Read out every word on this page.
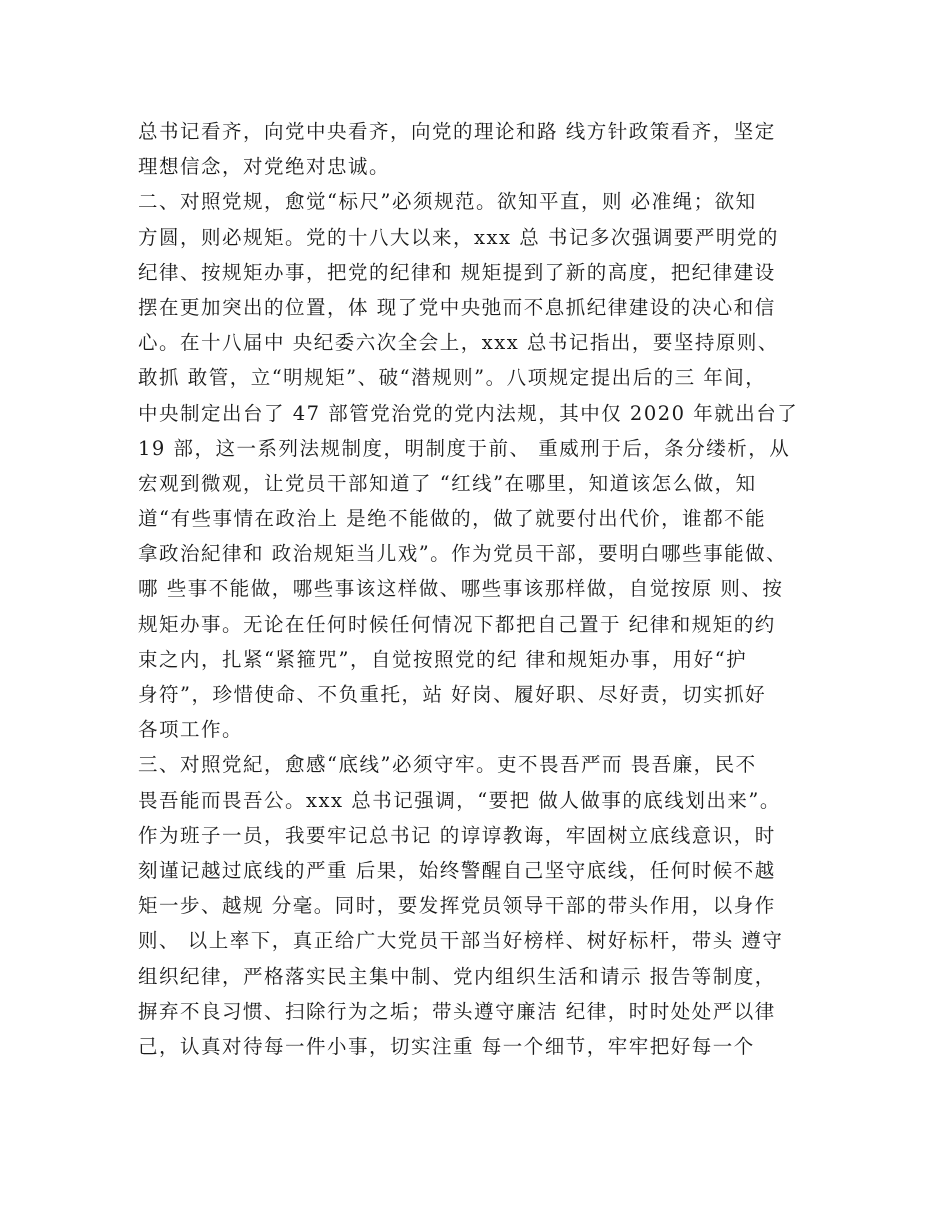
总书记看齐，向党中央看齐，向党的理论和路 线方针政策看齐，坚定
理想信念，对党绝对忠诚。
二、对照党规，愈觉“标尺”必须规范。欲知平直，则 必准绳；欲知
方圆，则必规矩。党的十八大以来，xxx 总 书记多次强调要严明党的
纪律、按规矩办事，把党的纪律和 规矩提到了新的高度，把纪律建设
摆在更加突出的位置，体 现了党中央弛而不息抓纪律建设的决心和信
心。在十八届中 央纪委六次全会上，xxx 总书记指出，要坚持原则、
敢抓 敢管，立“明规矩”、破“潜规则”。八项规定提出后的三 年间，
中央制定出台了 47 部管党治党的党内法规，其中仅 2020 年就出台了
19 部，这一系列法规制度，明制度于前、 重威刑于后，条分缕析，从
宏观到微观，让党员干部知道了 “红线”在哪里，知道该怎么做，知
道“有些事情在政治上 是绝不能做的，做了就要付出代价，谁都不能
拿政治紀律和 政治规矩当儿戏”。作为党员干部，要明白哪些事能做、
哪 些事不能做，哪些事该这样做、哪些事该那样做，自觉按原 则、按
规矩办事。无论在任何时候任何情况下都把自己置于 纪律和规矩的约
束之内，扎紧“紧箍咒”，自觉按照党的纪 律和规矩办事，用好“护
身符”，珍惜使命、不负重托，站 好岗、履好职、尽好责，切实抓好
各项工作。
三、对照党紀，愈感“底线”必须守牢。吏不畏吾严而 畏吾廉，民不
畏吾能而畏吾公。xxx 总书记强调，“要把 做人做事的底线划出来”。
作为班子一员，我要牢记总书记 的谆谆教诲，牢固树立底线意识，时
刻谨记越过底线的严重 后果，始终警醒自己坚守底线，任何时候不越
矩一步、越规 分毫。同时，要发挥党员领导干部的带头作用，以身作
则、 以上率下，真正给广大党员干部当好榜样、树好标杆，带头 遵守
组织纪律，严格落实民主集中制、党内组织生活和请示 报告等制度，
摒弃不良习惯、扫除行为之垢；带头遵守廉洁 纪律，时时处处严以律
己，认真对待每一件小事，切实注重 每一个细节，牢牢把好每一个
